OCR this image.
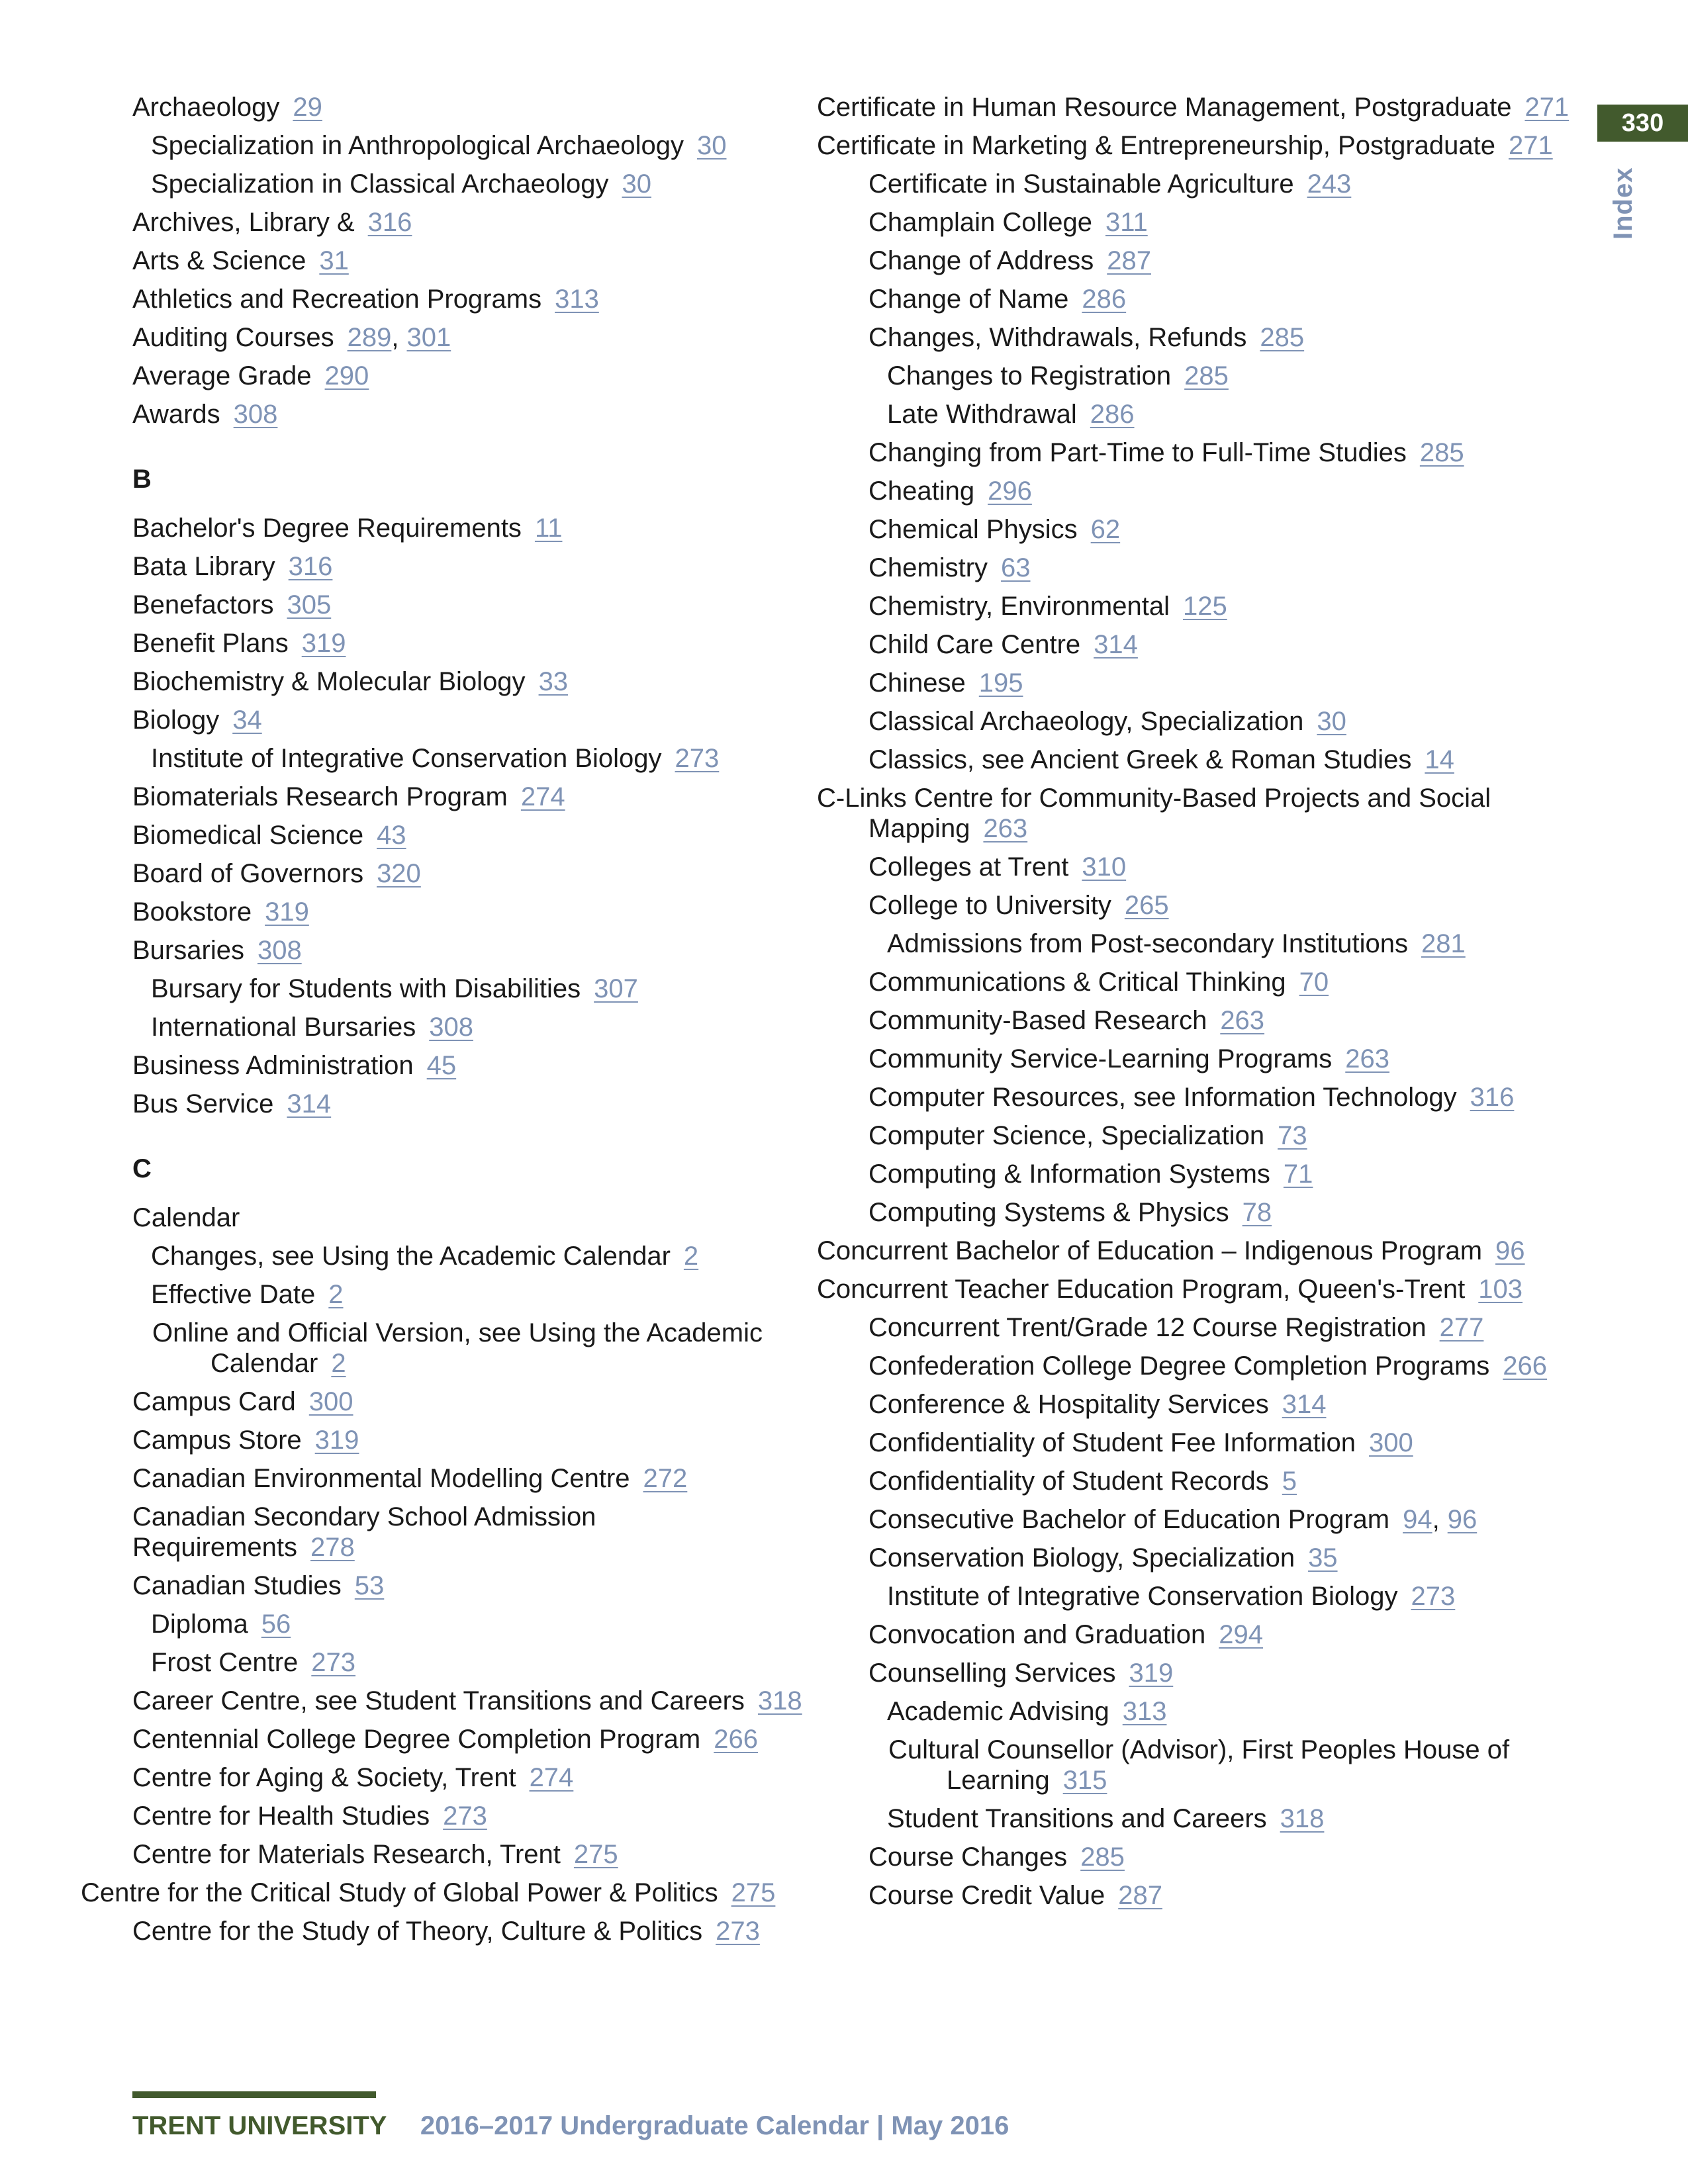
Archaeology 29
Specialization in Anthropological Archaeology 30
Specialization in Classical Archaeology 30
Archives, Library & 316
Arts & Science 31
Athletics and Recreation Programs 313
Auditing Courses 289, 301
Average Grade 290
Awards 308
B
Bachelor's Degree Requirements 11
Bata Library 316
Benefactors 305
Benefit Plans 319
Biochemistry & Molecular Biology 33
Biology 34
Institute of Integrative Conservation Biology 273
Biomaterials Research Program 274
Biomedical Science 43
Board of Governors 320
Bookstore 319
Bursaries 308
Bursary for Students with Disabilities 307
International Bursaries 308
Business Administration 45
Bus Service 314
C
Calendar
Changes, see Using the Academic Calendar 2
Effective Date 2
Online and Official Version, see Using the Academic Calendar 2
Campus Card 300
Campus Store 319
Canadian Environmental Modelling Centre 272
Canadian Secondary School Admission Requirements 278
Canadian Studies 53
Diploma 56
Frost Centre 273
Career Centre, see Student Transitions and Careers 318
Centennial College Degree Completion Program 266
Centre for Aging & Society, Trent 274
Centre for Health Studies 273
Centre for Materials Research, Trent 275
Centre for the Critical Study of Global Power & Politics 275
Centre for the Study of Theory, Culture & Politics 273
Certificate in Human Resource Management, Postgraduate 271
Certificate in Marketing & Entrepreneurship, Postgraduate 271
Certificate in Sustainable Agriculture 243
Champlain College 311
Change of Address 287
Change of Name 286
Changes, Withdrawals, Refunds 285
Changes to Registration 285
Late Withdrawal 286
Changing from Part-Time to Full-Time Studies 285
Cheating 296
Chemical Physics 62
Chemistry 63
Chemistry, Environmental 125
Child Care Centre 314
Chinese 195
Classical Archaeology, Specialization 30
Classics, see Ancient Greek & Roman Studies 14
C-Links Centre for Community-Based Projects and Social Mapping 263
Colleges at Trent 310
College to University 265
Admissions from Post-secondary Institutions 281
Communications & Critical Thinking 70
Community-Based Research 263
Community Service-Learning Programs 263
Computer Resources, see Information Technology 316
Computer Science, Specialization 73
Computing & Information Systems 71
Computing Systems & Physics 78
Concurrent Bachelor of Education – Indigenous Program 96
Concurrent Teacher Education Program, Queen's-Trent 103
Concurrent Trent/Grade 12 Course Registration 277
Confederation College Degree Completion Programs 266
Conference & Hospitality Services 314
Confidentiality of Student Fee Information 300
Confidentiality of Student Records 5
Consecutive Bachelor of Education Program 94, 96
Conservation Biology, Specialization 35
Institute of Integrative Conservation Biology 273
Convocation and Graduation 294
Counselling Services 319
Academic Advising 313
Cultural Counsellor (Advisor), First Peoples House of Learning 315
Student Transitions and Careers 318
Course Changes 285
Course Credit Value 287
330
Index
TRENT UNIVERSITY 2016–2017 Undergraduate Calendar | May 2016
